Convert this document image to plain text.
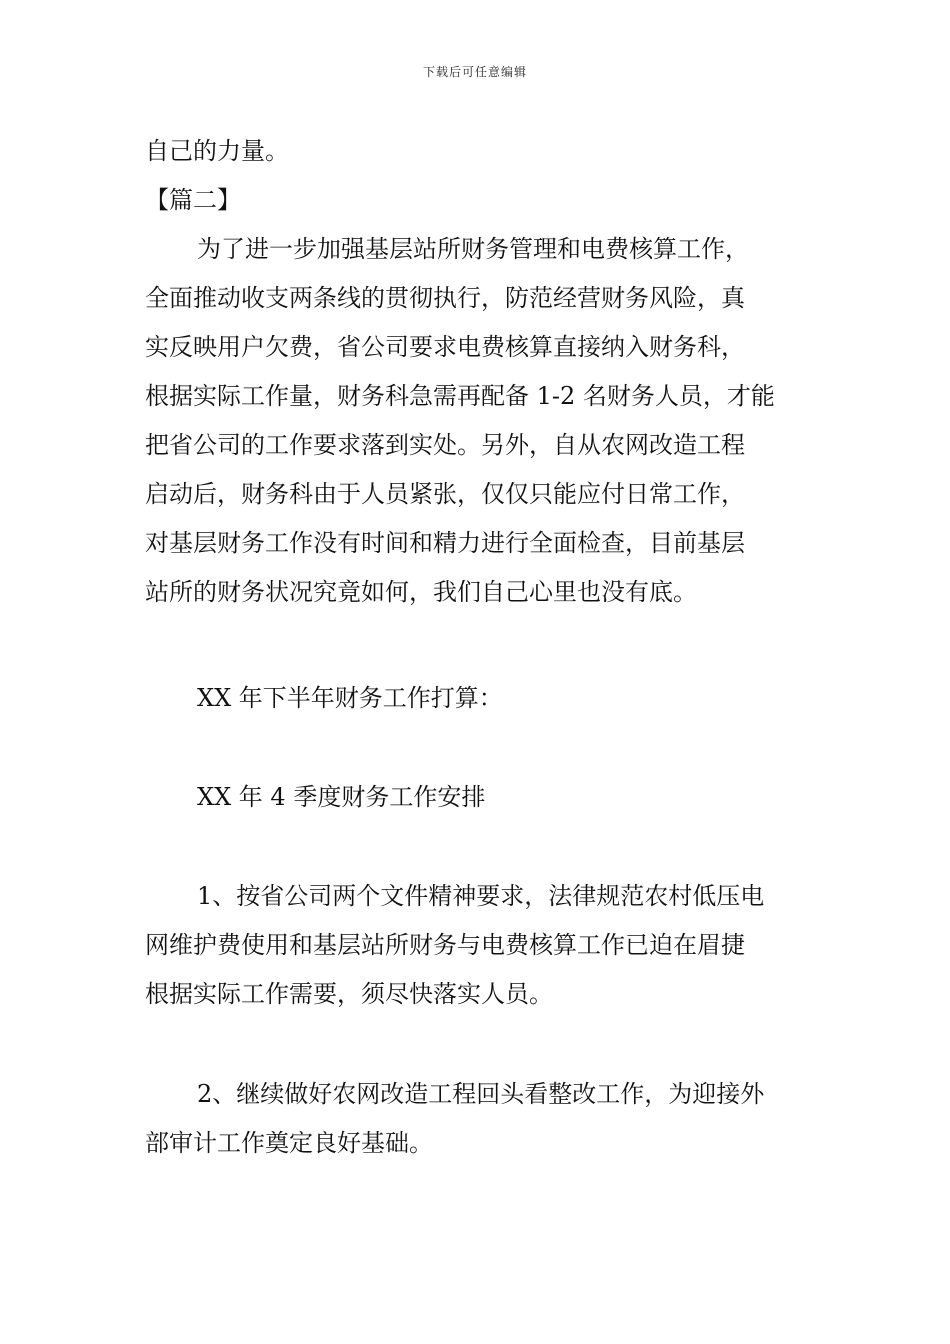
下载后可任意编辑
自己的力量。
【篇二】
为了进一步加强基层站所财务管理和电费核算工作，
全面推动收支两条线的贯彻执行，防范经营财务风险，真
实反映用户欠费，省公司要求电费核算直接纳入财务科，
根据实际工作量，财务科急需再配备 1-2 名财务人员，才能
把省公司的工作要求落到实处。另外，自从农网改造工程
启动后，财务科由于人员紧张，仅仅只能应付日常工作，
对基层财务工作没有时间和精力进行全面检查，目前基层
站所的财务状况究竟如何，我们自己心里也没有底。
XX 年下半年财务工作打算：
XX 年 4 季度财务工作安排
1、按省公司两个文件精神要求，法律规范农村低压电
网维护费使用和基层站所财务与电费核算工作已迫在眉捷
根据实际工作需要，须尽快落实人员。
2、继续做好农网改造工程回头看整改工作，为迎接外
部审计工作奠定良好基础。
